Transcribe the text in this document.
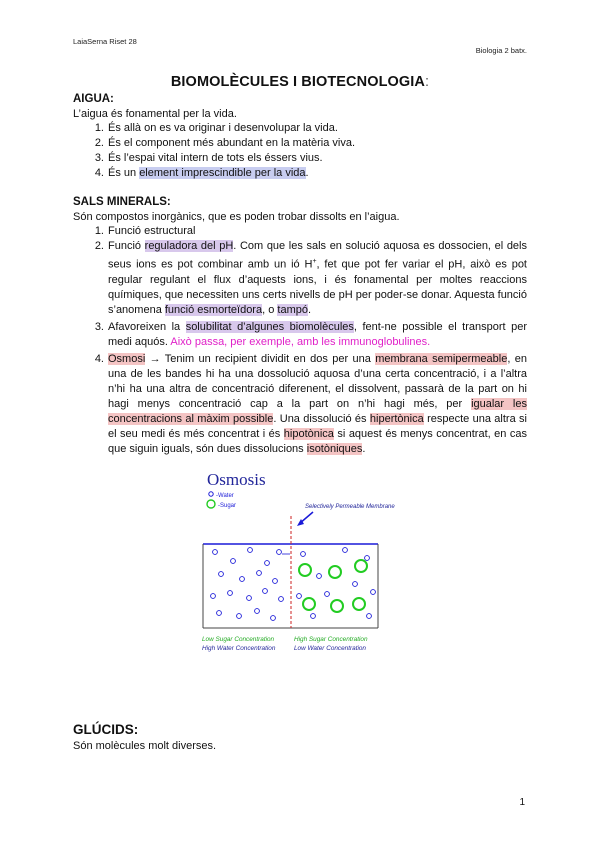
LaiaSerna Riset 28
Biologia 2 batx.
BIOMOLÈCULES I BIOTECNOLOGIA:
AIGUA:
L’aigua és fonamental per la vida.
1. És allà on es va originar i desenvolupar la vida.
2. És el component més abundant en la matèria viva.
3. És l’espai vital intern de tots els éssers vius.
4. És un element imprescindible per la vida.
SALS MINERALS:
Són compostos inorgànics, que es poden trobar dissolts en l’aigua.
1. Funció estructural
2. Funció reguladora del pH. Com que les sals en solució aquosa es dossocien, el dels seus ions es pot combinar amb un ió H+, fet que pot fer variar el pH, això es pot regular regulant el flux d’aquests ions, i és fonamental per moltes reaccions químiques, que necessiten uns certs nivells de pH per poder-se donar. Aquesta funció s’anomena funció esmorteïdora, o tampó.
3. Afavoreixen la solubilitat d’algunes biomolècules, fent-ne possible el transport per medi aquós. Això passa, per exemple, amb les immunoglobulines.
4. Osmosi → Tenim un recipient dividit en dos per una membrana semipermeable, en una de les bandes hi ha una dossolució aquosa d’una certa concentració, i a l’altra n’hi ha una altra de concentració diferenent, el dissolvent, passarà de la part on hi hagi menys concentració cap a la part on n’hi hagi més, per igualar les concentracions al màxim possible. Una dissolució és hipertònica respecte una altra si el seu medi és més concentrat i és hipotònica si aquest és menys concentrat, en cas que siguin iguals, són dues dissolucions isotòniques.
Osmosis
-Water
-Sugar	Selectively Permeable Membrane
Low Sugar Concentration
High Water Concentration
High Sugar Concentration
Low Water Concentration
GLÚCIDS:
Són molècules molt diverses.
1
